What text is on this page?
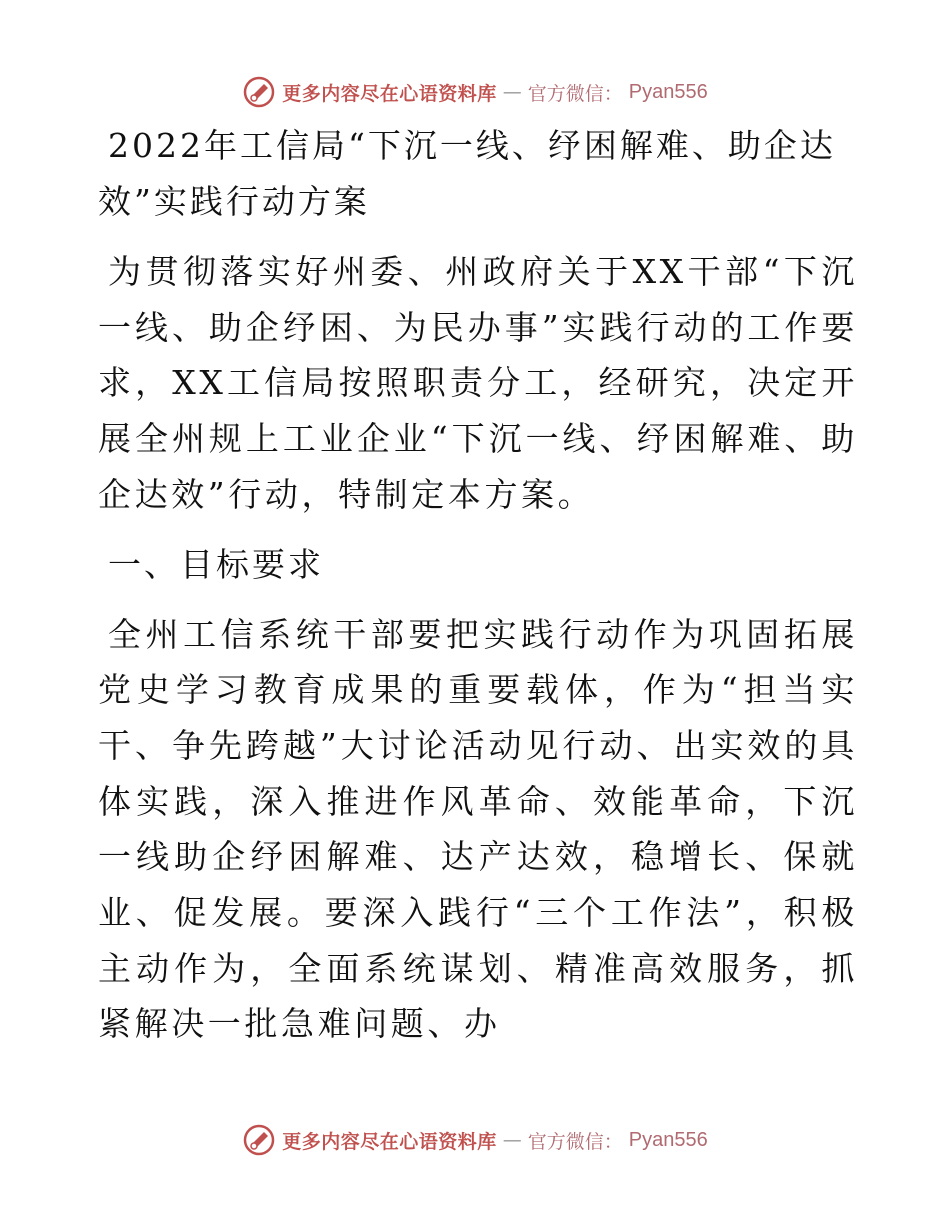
更多内容尽在心语资料库 — 官方微信： Pyan556
2022年工信局“下沉一线、纾困解难、助企达
效”实践行动方案

为贯彻落实好州委、州政府关于XX干部“下沉一线、助企纾困、为民办事”实践行动的工作要求，XX工信局按照职责分工，经研究，决定开展全州规上工业企业“下沉一线、纾困解难、助企达效”行动，特制定本方案。

一、目标要求

全州工信系统干部要把实践行动作为巩固拓展党史学习教育成果的重要载体，作为“担当实干、争先跨越”大讨论活动见行动、出实效的具体实践，深入推进作风革命、效能革命，下沉一线助企纾困解难、达产达效，稳增长、保就业、促发展。要深入践行“三个工作法”，积极主动作为，全面系统谋划、精准高效服务，抓紧解决一批急难问题、办

更多内容尽在心语资料库 — 官方微信： Pyan556
